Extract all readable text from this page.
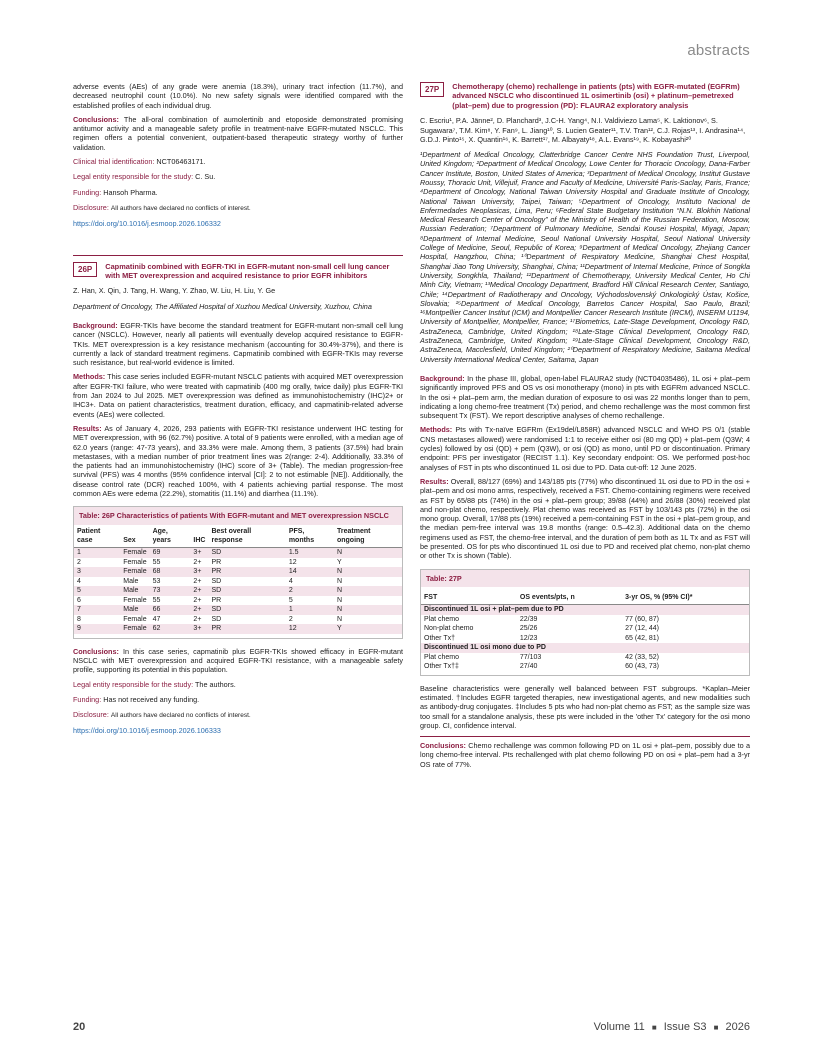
abstracts

adverse events (AEs) of any grade were anemia (18.3%), urinary tract infection (11.7%), and decreased neutrophil count (10.0%). No new safety signals were identified compared with the established profiles of each individual drug.

Conclusions: The all-oral combination of aumolertinib and etoposide demonstrated promising antitumor activity and a manageable safety profile in treatment-naive EGFR-mutated NSCLC. This regimen offers a potential convenient, outpatient-based therapeutic strategy worthy of further validation.

Clinical trial identification: NCT06463171.

Legal entity responsible for the study: C. Su.

Funding: Hansoh Pharma.

Disclosure: All authors have declared no conflicts of interest.

https://doi.org/10.1016/j.esmoop.2026.106332

26P	Capmatinib combined with EGFR-TKI in EGFR-mutant non-small cell lung cancer with MET overexpression and acquired resistance to prior EGFR inhibitors

Z. Han, X. Qin, J. Tang, H. Wang, Y. Zhao, W. Liu, H. Liu, Y. Ge

Department of Oncology, The Affiliated Hospital of Xuzhou Medical University, Xuzhou, China

Background: EGFR-TKIs have become the standard treatment for EGFR-mutant non-small cell lung cancer (NSCLC). However, nearly all patients will eventually develop acquired resistance to EGFR-TKIs. MET overexpression is a key resistance mechanism (accounting for 30.4%-37%), and there is currently a lack of standard treatment regimens. Capmatinib combined with EGFR-TKIs may reverse such resistance, but real-world evidence is limited.

Methods: This case series included EGFR-mutant NSCLC patients with acquired MET overexpression after EGFR-TKI failure, who were treated with capmatinib (400 mg orally, twice daily) plus EGFR-TKI from Jan 2024 to Jul 2025. MET overexpression was defined as immunohistochemistry (IHC)2+ or IHC3+. Data on patient characteristics, treatment duration, efficacy, and capmatinib-related adverse events (AEs) were collected.

Results: As of January 4, 2026, 293 patients with EGFR-TKI resistance underwent IHC testing for MET overexpression, with 96 (62.7%) positive. A total of 9 patients were enrolled, with a median age of 62.0 years (range: 47-73 years), and 33.3% were male. Among them, 3 patients (37.5%) had brain metastases, with a median number of prior treatment lines was 2(range: 2-4). Additionally, 33.3% of the patients had an immunohistochemistry (IHC) score of 3+ (Table). The median progression-free survival (PFS) was 4 months (95% confidence interval [CI]: 2 to not estimable [NE]). Additionally, the disease control rate (DCR) reached 100%, with 4 patients achieving partial response. The most common AEs were edema (22.2%), stomatitis (11.1%) and diarrhea (11.1%).

Table: 26P Characteristics of patients With EGFR-mutant and MET overexpression NSCLC
Patient case	Sex	Age, years	IHC	Best overall response	PFS, months	Treatment ongoing
1	Female	69	3+	SD	1.5	N
2	Female	55	2+	PR	12	Y
3	Female	68	3+	PR	14	N
4	Male	53	2+	SD	4	N
5	Male	73	2+	SD	2	N
6	Female	55	2+	PR	5	N
7	Male	66	2+	SD	1	N
8	Female	47	2+	SD	2	N
9	Female	62	3+	PR	12	Y

Conclusions: In this case series, capmatinib plus EGFR-TKIs showed efficacy in EGFR-mutant NSCLC with MET overexpression and acquired EGFR-TKI resistance, with a manageable safety profile, supporting its potential in this population.

Legal entity responsible for the study: The authors.

Funding: Has not received any funding.

Disclosure: All authors have declared no conflicts of interest.

https://doi.org/10.1016/j.esmoop.2026.106333

27P	Chemotherapy (chemo) rechallenge in patients (pts) with EGFR-mutated (EGFRm) advanced NSCLC who discontinued 1L osimertinib (osi) + platinum–pemetrexed (plat–pem) due to progression (PD): FLAURA2 exploratory analysis

C. Escriu¹, P.A. Jänne², D. Planchard³, J.C-H. Yang⁴, N.I. Valdiviezo Lama⁵, K. Laktionov⁶, S. Sugawara⁷, T.M. Kim⁸, Y. Fan⁹, L. Jiang¹⁰, S. Lucien Geater¹¹, T.V. Tran¹², C.J. Rojas¹³, I. Andrasina¹⁴, G.D.J. Pinto¹⁵, X. Quantin¹⁶, K. Barrett¹⁷, M. Albayaty¹⁸, A.L. Evans¹⁹, K. Kobayashi²⁰

¹Department of Medical Oncology, Clatterbridge Cancer Centre NHS Foundation Trust, Liverpool, United Kingdom; ²Department of Medical Oncology, Lowe Center for Thoracic Oncology, Dana-Farber Cancer Institute, Boston, United States of America; ³Department of Medical Oncology, Institut Gustave Roussy, Thoracic Unit, Villejuif, France and Faculty of Medicine, Université Paris-Saclay, Paris, France; ⁴Department of Oncology, National Taiwan University Hospital and Graduate Institute of Oncology, National Taiwan University, Taipei, Taiwan; ⁵Department of Oncology, Instituto Nacional de Enfermedades Neoplasicas, Lima, Peru; ⁶Federal State Budgetary Institution “N.N. Blokhin National Medical Research Center of Oncology” of the Ministry of Health of the Russian Federation, Moscow, Russian Federation; ⁷Department of Pulmonary Medicine, Sendai Kousei Hospital, Miyagi, Japan; ⁸Department of Internal Medicine, Seoul National University Hospital, Seoul National University College of Medicine, Seoul, Republic of Korea; ⁹Department of Medical Oncology, Zhejiang Cancer Hospital, Hangzhou, China; ¹⁰Department of Respiratory Medicine, Shanghai Chest Hospital, Shanghai Jiao Tong University, Shanghai, China; ¹¹Department of Internal Medicine, Prince of Songkla University, Songkhla, Thailand; ¹²Department of Chemotherapy, University Medical Center, Ho Chi Minh City, Vietnam; ¹³Medical Oncology Department, Bradford Hill Clinical Research Center, Santiago, Chile; ¹⁴Department of Radiotherapy and Oncology, Východoslovenský Onkologický Ústav, Košice, Slovakia; ¹⁵Department of Medical Oncology, Barretos Cancer Hospital, Sao Paulo, Brazil; ¹⁶Montpellier Cancer Institut (ICM) and Montpellier Cancer Research Institute (IRCM), INSERM U1194, University of Montpellier, Montpellier, France; ¹⁷Biometrics, Late-Stage Development, Oncology R&D, AstraZeneca, Cambridge, United Kingdom; ¹⁸Late-Stage Clinical Development, Oncology R&D, AstraZeneca, Cambridge, United Kingdom; ¹⁹Late-Stage Clinical Development, Oncology R&D, AstraZeneca, Macclesfield, United Kingdom; ²⁰Department of Respiratory Medicine, Saitama Medical University International Medical Center, Saitama, Japan

Background: In the phase III, global, open-label FLAURA2 study (NCT04035486), 1L osi + plat–pem significantly improved PFS and OS vs osi monotherapy (mono) in pts with EGFRm advanced NSCLC. In the osi + plat–pem arm, the median duration of exposure to osi was 22 months longer than to pem, indicating a long chemo-free treatment (Tx) period, and chemo rechallenge was the most common first subsequent Tx (FST). We report descriptive analyses of chemo rechallenge.

Methods: Pts with Tx-naïve EGFRm (Ex19del/L858R) advanced NSCLC and WHO PS 0/1 (stable CNS metastases allowed) were randomised 1:1 to receive either osi (80 mg QD) + plat–pem (Q3W; 4 cycles) followed by osi (QD) + pem (Q3W), or osi (QD) as mono, until PD or discontinuation. Primary endpoint: PFS per investigator (RECIST 1.1). Key secondary endpoint: OS. We performed post-hoc analyses of FST in pts who discontinued 1L osi due to PD. Data cut-off: 12 June 2025.

Results: Overall, 88/127 (69%) and 143/185 pts (77%) who discontinued 1L osi due to PD in the osi + plat–pem and osi mono arms, respectively, received a FST. Chemo-containing regimens were received as FST by 65/88 pts (74%) in the osi + plat–pem group; 39/88 (44%) and 26/88 (30%) received plat and non-plat chemo, respectively. Plat chemo was received as FST by 103/143 pts (72%) in the osi mono group. Overall, 17/88 pts (19%) received a pem-containing FST in the osi + plat–pem group, and the median pem-free interval was 19.8 months (range: 0.5–42.3). Additional data on the chemo regimens used as FST, the chemo-free interval, and the duration of pem both as 1L Tx and as FST will be presented. OS for pts who discontinued 1L osi due to PD and received plat chemo, non-plat chemo or other Tx is shown (Table).

Table: 27P
FST	OS events/pts, n	3-yr OS, % (95% CI)*
Discontinued 1L osi + plat–pem due to PD		
Plat chemo	22/39	77 (60, 87)
Non-plat chemo	25/26	27 (12, 44)
Other Tx†	12/23	65 (42, 81)
Discontinued 1L osi mono due to PD		
Plat chemo	77/103	42 (33, 52)
Other Tx†‡	27/40	60 (43, 73)

Baseline characteristics were generally well balanced between FST subgroups. *Kaplan–Meier estimated. †Includes EGFR targeted therapies, new investigational agents, and new modalities such as antibody-drug conjugates. ‡Includes 5 pts who had non-plat chemo as FST; as the sample size was too small for a standalone analysis, these pts were included in the 'other Tx' category for the osi mono group. CI, confidence interval.

Conclusions: Chemo rechallenge was common following PD on 1L osi + plat–pem, possibly due to a long chemo-free interval. Pts rechallenged with plat chemo following PD on osi + plat–pem had a 3-yr OS rate of 77%.

20	Volume 11 ■ Issue S3 ■ 2026
